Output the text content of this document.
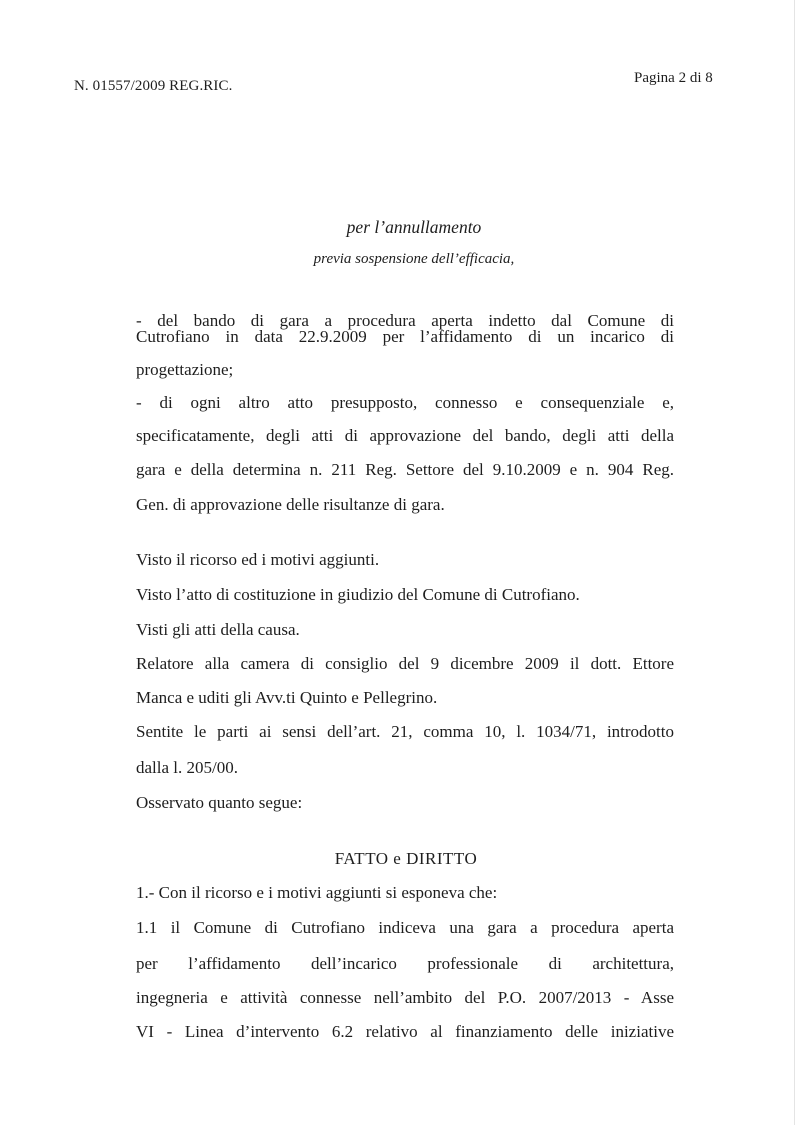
N. 01557/2009 REG.RIC.	Pagina 2 di 8
per l’annullamento
previa sospensione dell’efficacia,
- del bando di gara a procedura aperta indetto dal Comune di
Cutrofiano in data 22.9.2009 per l’affidamento di un incarico di
progettazione;
- di ogni altro atto presupposto, connesso e consequenziale e,
specificatamente, degli atti di approvazione del bando, degli atti della
gara e della determina n. 211 Reg. Settore del 9.10.2009 e n. 904 Reg.
Gen. di approvazione delle risultanze di gara.
Visto il ricorso ed i motivi aggiunti.
Visto l’atto di costituzione in giudizio del Comune di Cutrofiano.
Visti gli atti della causa.
Relatore alla camera di consiglio del 9 dicembre 2009 il dott. Ettore
Manca e uditi gli Avv.ti Quinto e Pellegrino.
Sentite le parti ai sensi dell’art. 21, comma 10, l. 1034/71, introdotto
dalla l. 205/00.
Osservato quanto segue:
FATTO e DIRITTO
1.- Con il ricorso e i motivi aggiunti si esponeva che:
1.1 il Comune di Cutrofiano indiceva una gara a procedura aperta
per l’affidamento dell’incarico professionale di architettura,
ingegneria e attività connesse nell’ambito del P.O. 2007/2013 - Asse
VI - Linea d’intervento 6.2 relativo al finanziamento delle iniziative
